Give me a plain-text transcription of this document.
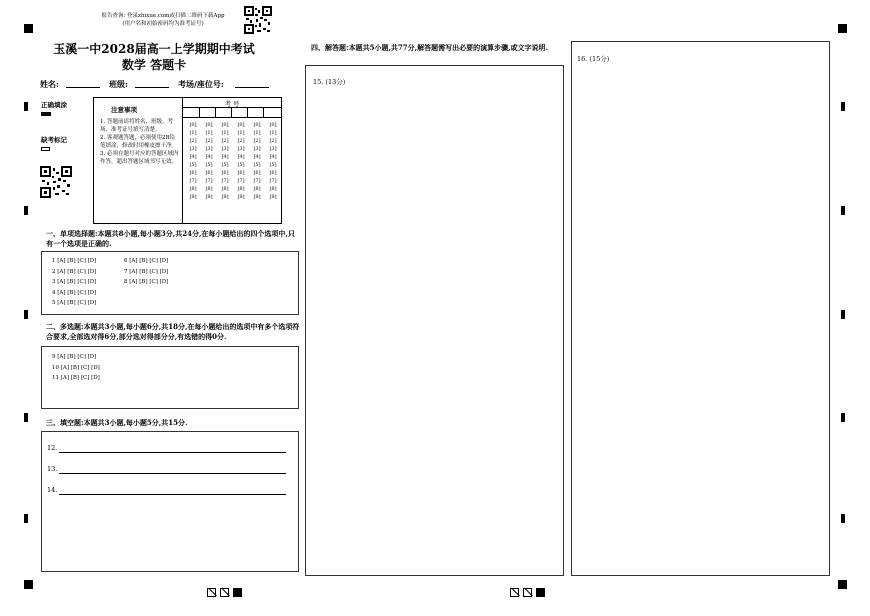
报告查询: 登录zhixue.com或扫描二维码下载App
(用户名和初始密码均为准考证号)
玉溪一中2028届高一上学期期中考试
数学 答题卡
姓名:	班级:	考场/座位号:
正确填涂
缺考标记
注意事项
1. 答题前请将姓名、班级、考场、准考证号填写清楚。
2. 客观题答题，必须使用2B铅笔填涂，修改时用橡皮擦干净。
3. 必须在题号对应的答题区域内作答，超出答题区域书写无效。
考 号
[0]
[1]
[2]
[3]
[4]
[5]
[6]
[7]
[8]
[9]
[0]
[1]
[2]
[3]
[4]
[5]
[6]
[7]
[8]
[9]
[0]
[1]
[2]
[3]
[4]
[5]
[6]
[7]
[8]
[9]
[0]
[1]
[2]
[3]
[4]
[5]
[6]
[7]
[8]
[9]
[0]
[1]
[2]
[3]
[4]
[5]
[6]
[7]
[8]
[9]
[0]
[1]
[2]
[3]
[4]
[5]
[6]
[7]
[8]
[9]
一、单项选择题:本题共8小题,每小题3分,共24分,在每小题给出的四个选项中,只有一个选项是正确的.
1 [A] [B] [C] [D]
2 [A] [B] [C] [D]
3 [A] [B] [C] [D]
4 [A] [B] [C] [D]
5 [A] [B] [C] [D]
6 [A] [B] [C] [D]
7 [A] [B] [C] [D]
8 [A] [B] [C] [D]
二、多选题:本题共3小题,每小题6分,共18分,在每小题给出的选项中有多个选项符合要求,全部选对得6分,部分选对得部分分,有选错的得0分.
9 [A] [B] [C] [D]
10 [A] [B] [C] [D]
11 [A] [B] [C] [D]
三、填空题:本题共3小题,每小题5分,共15分.
12.
13.
14.
四、解答题:本题共5小题,共77分,解答题需写出必要的演算步骤,或文字说明.
15. (13分)
16. (15分)
